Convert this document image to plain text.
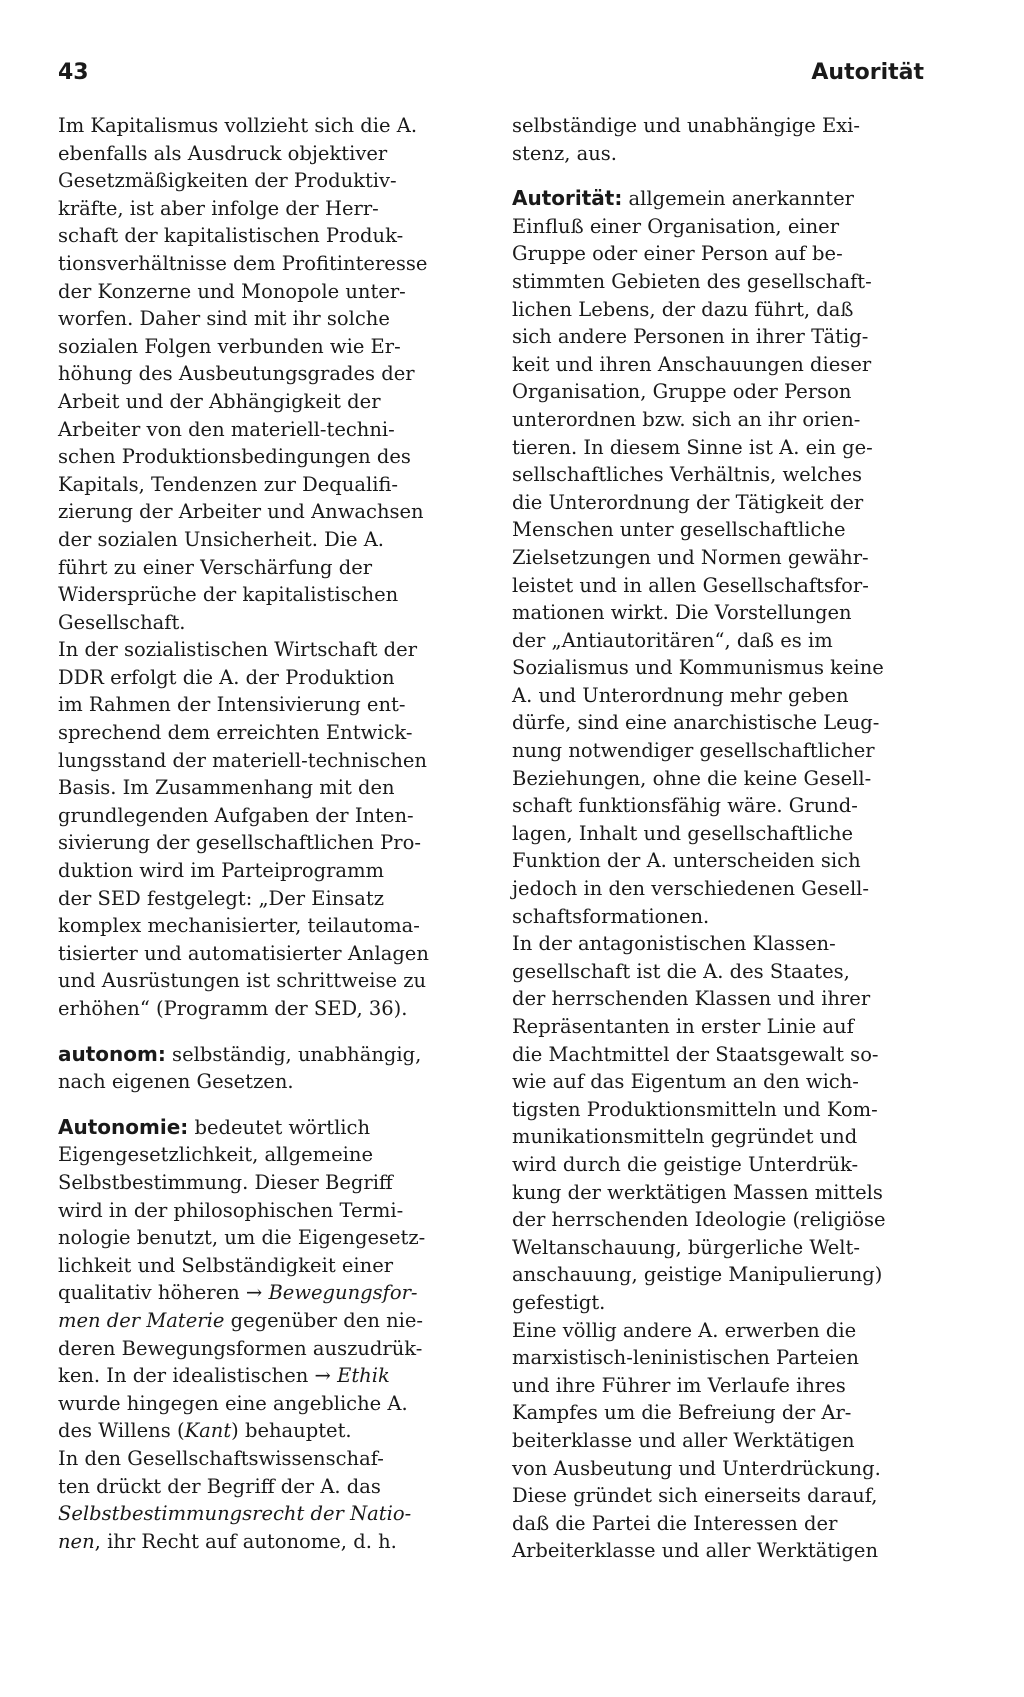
43	Autorität
Im Kapitalismus vollzieht sich die A.
ebenfalls als Ausdruck objektiver
Gesetzmäßigkeiten der Produktiv-
kräfte, ist aber infolge der Herr-
schaft der kapitalistischen Produk-
tionsverhältnisse dem Profitinteresse
der Konzerne und Monopole unter-
worfen. Daher sind mit ihr solche
sozialen Folgen verbunden wie Er-
höhung des Ausbeutungsgrades der
Arbeit und der Abhängigkeit der
Arbeiter von den materiell-techni-
schen Produktionsbedingungen des
Kapitals, Tendenzen zur Dequalifi-
zierung der Arbeiter und Anwachsen
der sozialen Unsicherheit. Die A.
führt zu einer Verschärfung der
Widersprüche der kapitalistischen
Gesellschaft.
In der sozialistischen Wirtschaft der
DDR erfolgt die A. der Produktion
im Rahmen der Intensivierung ent-
sprechend dem erreichten Entwick-
lungsstand der materiell-technischen
Basis. Im Zusammenhang mit den
grundlegenden Aufgaben der Inten-
sivierung der gesellschaftlichen Pro-
duktion wird im Parteiprogramm
der SED festgelegt: „Der Einsatz
komplex mechanisierter, teilautoma-
tisierter und automatisierter Anlagen
und Ausrüstungen ist schrittweise zu
erhöhen“ (Programm der SED, 36).
autonom: selbständig, unabhängig,
nach eigenen Gesetzen.
Autonomie: bedeutet wörtlich
Eigengesetzlichkeit, allgemeine
Selbstbestimmung. Dieser Begriff
wird in der philosophischen Termi-
nologie benutzt, um die Eigengesetz-
lichkeit und Selbständigkeit einer
qualitativ höheren → Bewegungsfor-
men der Materie gegenüber den nie-
deren Bewegungsformen auszudrük-
ken. In der idealistischen → Ethik
wurde hingegen eine angebliche A.
des Willens (Kant) behauptet.
In den Gesellschaftswissenschaf-
ten drückt der Begriff der A. das
Selbstbestimmungsrecht der Natio-
nen, ihr Recht auf autonome, d. h.
selbständige und unabhängige Exi-
stenz, aus.
Autorität: allgemein anerkannter
Einfluß einer Organisation, einer
Gruppe oder einer Person auf be-
stimmten Gebieten des gesellschaft-
lichen Lebens, der dazu führt, daß
sich andere Personen in ihrer Tätig-
keit und ihren Anschauungen dieser
Organisation, Gruppe oder Person
unterordnen bzw. sich an ihr orien-
tieren. In diesem Sinne ist A. ein ge-
sellschaftliches Verhältnis, welches
die Unterordnung der Tätigkeit der
Menschen unter gesellschaftliche
Zielsetzungen und Normen gewähr-
leistet und in allen Gesellschaftsfor-
mationen wirkt. Die Vorstellungen
der „Antiautoritären“, daß es im
Sozialismus und Kommunismus keine
A. und Unterordnung mehr geben
dürfe, sind eine anarchistische Leug-
nung notwendiger gesellschaftlicher
Beziehungen, ohne die keine Gesell-
schaft funktionsfähig wäre. Grund-
lagen, Inhalt und gesellschaftliche
Funktion der A. unterscheiden sich
jedoch in den verschiedenen Gesell-
schaftsformationen.
In der antagonistischen Klassen-
gesellschaft ist die A. des Staates,
der herrschenden Klassen und ihrer
Repräsentanten in erster Linie auf
die Machtmittel der Staatsgewalt so-
wie auf das Eigentum an den wich-
tigsten Produktionsmitteln und Kom-
munikationsmitteln gegründet und
wird durch die geistige Unterdrük-
kung der werktätigen Massen mittels
der herrschenden Ideologie (religiöse
Weltanschauung, bürgerliche Welt-
anschauung, geistige Manipulierung)
gefestigt.
Eine völlig andere A. erwerben die
marxistisch-leninistischen Parteien
und ihre Führer im Verlaufe ihres
Kampfes um die Befreiung der Ar-
beiterklasse und aller Werktätigen
von Ausbeutung und Unterdrückung.
Diese gründet sich einerseits darauf,
daß die Partei die Interessen der
Arbeiterklasse und aller Werktätigen
